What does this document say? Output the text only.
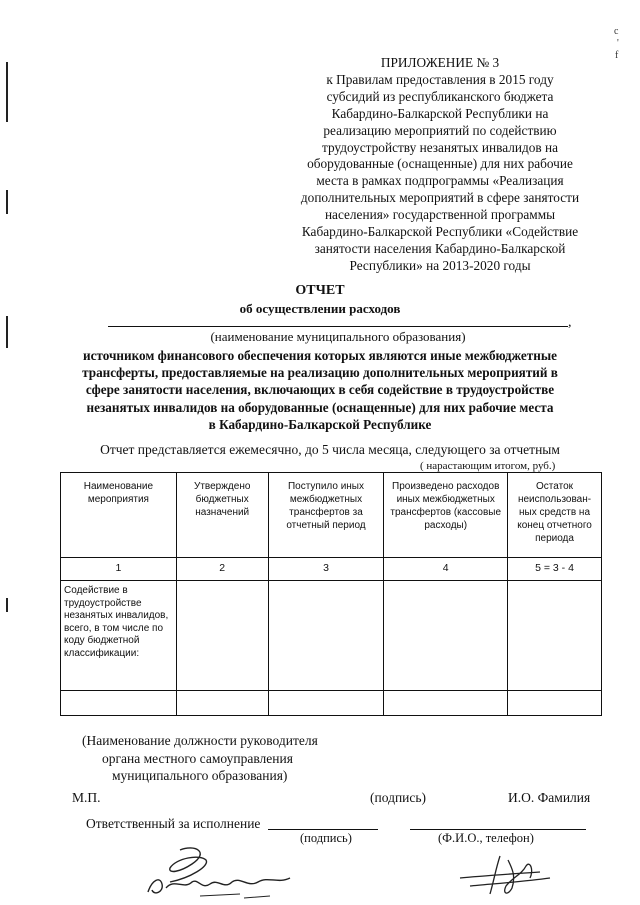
c
'
f
ПРИЛОЖЕНИЕ № 3
к Правилам предоставления в 2015 году
субсидий из республиканского бюджета
Кабардино-Балкарской Республики на
реализацию мероприятий по содействию
трудоустройству незанятых инвалидов на
оборудованные (оснащенные) для них рабочие
места в рамках подпрограммы «Реализация
дополнительных мероприятий в сфере занятости
населения» государственной программы
Кабардино-Балкарской Республики «Содействие
занятости населения Кабардино-Балкарской
Республики» на 2013-2020 годы
ОТЧЕТ
об осуществлении расходов
,
(наименование муниципального образования)
источником финансового обеспечения которых являются иные межбюджетные
трансферты, предоставляемые на реализацию дополнительных мероприятий в
сфере занятости населения, включающих в себя содействие в трудоустройстве
незанятых инвалидов на оборудованные (оснащенные) для них рабочие места
в Кабардино-Балкарской Республике
Отчет представляется ежемесячно, до 5 числа месяца, следующего за отчетным
( нарастающим итогом, руб.)
Наименование мероприятия	Утверждено бюджетных назначений	Поступило иных межбюджетных трансфертов за отчетный период	Произведено расходов иных межбюджетных трансфертов (кассовые расходы)	Остаток неиспользован-ных средств на конец отчетного периода
1	2	3	4	5 = 3 - 4
Содействие в трудоустройстве незанятых инвалидов, всего, в том числе по коду бюджетной классификации:				

(Наименование должности руководителя
органа местного самоуправления
муниципального образования)
М.П.	(подпись)	И.О. Фамилия
Ответственный за исполнение
(подпись)	(Ф.И.О., телефон)
